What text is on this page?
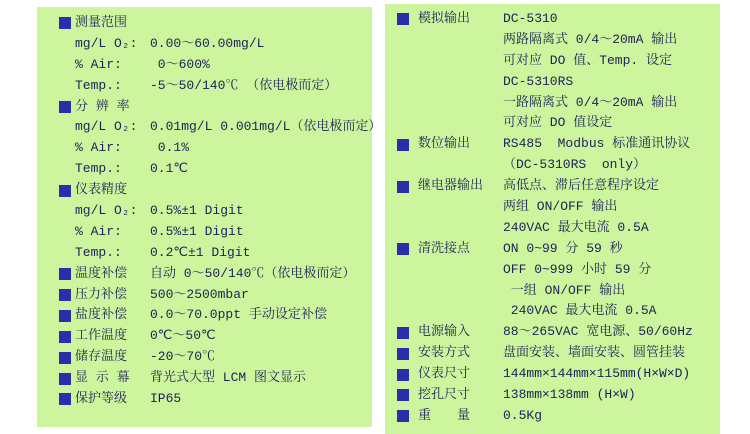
测量范围
mg/L O₂: 0.00～60.00mg/L
% Air:	0～600%
Temp.:	-5～50/140℃ （依电极而定）
分 辨 率
mg/L O₂: 0.01mg/L 0.001mg/L（依电极而定）
% Air:	0.1%
Temp.:	0.1℃
仪表精度
mg/L O₂: 0.5%±1 Digit
% Air:	0.5%±1 Digit
Temp.:	0.2℃±1 Digit
温度补偿	自动 0～50/140℃（依电极而定）
压力补偿	500～2500mbar
盐度补偿	0.0～70.0ppt 手动设定补偿
工作温度	0℃～50℃
储存温度	-20～70℃
显 示 幕	背光式大型 LCM 图文显示
保护等级	IP65
模拟输出	DC-5310
两路隔离式 0/4～20mA 输出
可对应 DO 值、Temp. 设定
DC-5310RS
一路隔离式 0/4～20mA 输出
可对应 DO 值设定
数位输出	RS485  Modbus 标准通讯协议
（DC-5310RS  only）
继电器输出	高低点、滞后任意程序设定
两组 ON/OFF 输出
240VAC 最大电流 0.5A
清洗接点	ON 0~99 分 59 秒
OFF 0~999 小时 59 分
一组 ON/OFF 输出
240VAC 最大电流 0.5A
电源输入	88～265VAC 宽电源、50/60Hz
安装方式	盘面安装、墙面安装、圆管挂装
仪表尺寸	144mm×144mm×115mm(H×W×D)
挖孔尺寸	138mm×138mm (H×W)
重　　量	0.5Kg
